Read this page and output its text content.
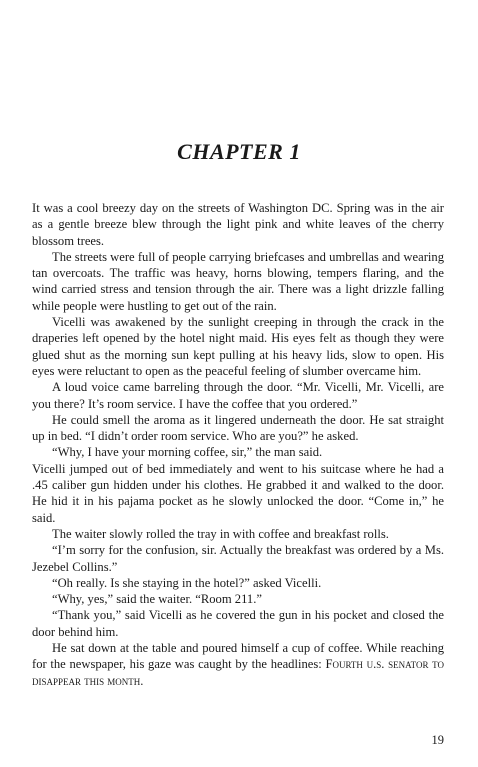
CHAPTER 1

It was a cool breezy day on the streets of Washington DC. Spring was in the air as a gentle breeze blew through the light pink and white leaves of the cherry blossom trees.

The streets were full of people carrying briefcases and umbrellas and wearing tan overcoats. The traffic was heavy, horns blowing, tempers flaring, and the wind carried stress and tension through the air. There was a light drizzle falling while people were hustling to get out of the rain.

Vicelli was awakened by the sunlight creeping in through the crack in the draperies left opened by the hotel night maid. His eyes felt as though they were glued shut as the morning sun kept pulling at his heavy lids, slow to open. His eyes were reluctant to open as the peaceful feeling of slumber overcame him.

A loud voice came barreling through the door. “Mr. Vicelli, Mr. Vicelli, are you there? It’s room service. I have the coffee that you ordered.”

He could smell the aroma as it lingered underneath the door. He sat straight up in bed. “I didn’t order room service. Who are you?” he asked.

“Why, I have your morning coffee, sir,” the man said.

Vicelli jumped out of bed immediately and went to his suitcase where he had a .45 caliber gun hidden under his clothes. He grabbed it and walked to the door. He hid it in his pajama pocket as he slowly unlocked the door. “Come in,” he said.

The waiter slowly rolled the tray in with coffee and breakfast rolls.

“I’m sorry for the confusion, sir. Actually the breakfast was ordered by a Ms. Jezebel Collins.”

“Oh really. Is she staying in the hotel?” asked Vicelli.

“Why, yes,” said the waiter. “Room 211.”

“Thank you,” said Vicelli as he covered the gun in his pocket and closed the door behind him.

He sat down at the table and poured himself a cup of coffee. While reaching for the newspaper, his gaze was caught by the headlines: Fourth u.s. senator to disappear this month.

19
